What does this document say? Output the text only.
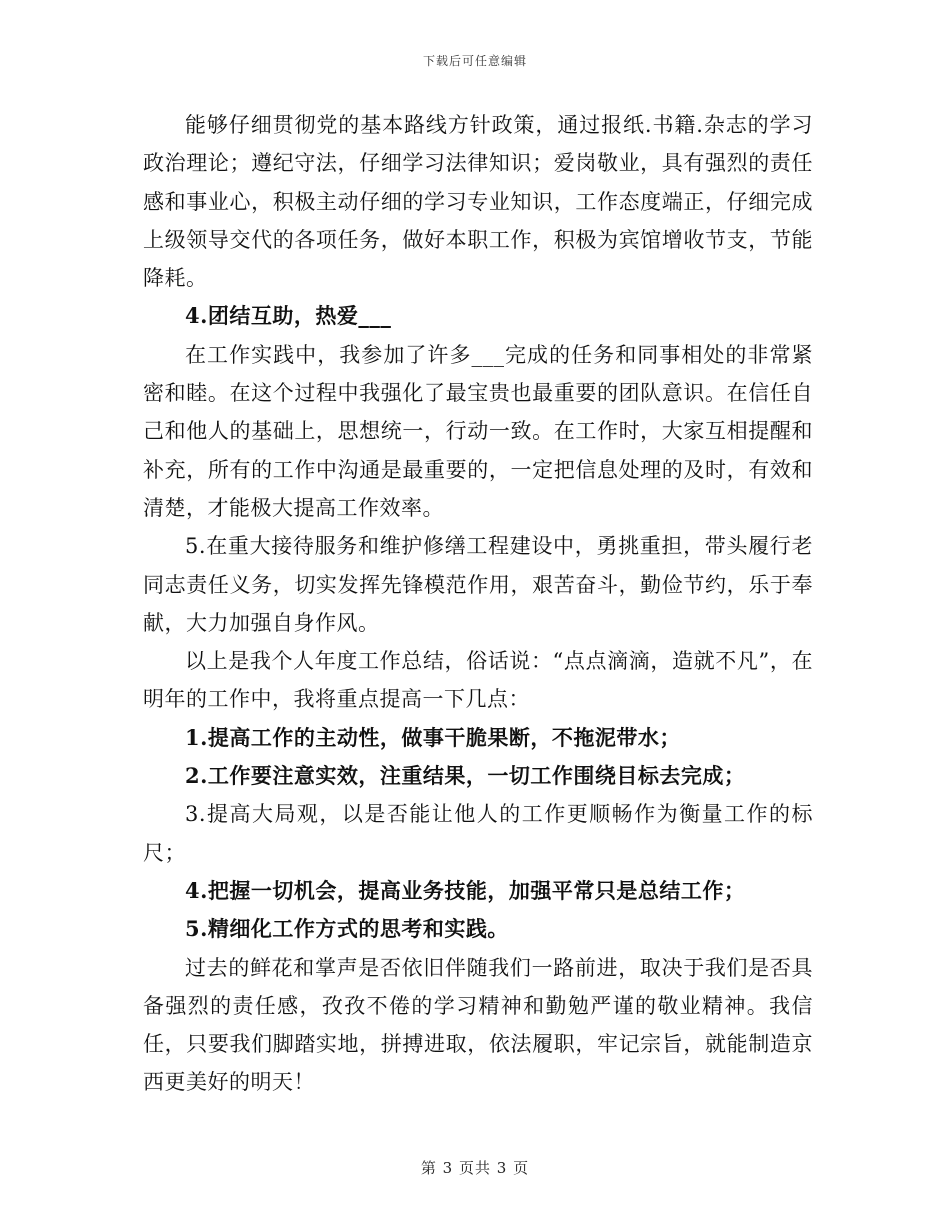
下载后可任意编辑

能够仔细贯彻党的基本路线方针政策，通过报纸.书籍.杂志的学习政治理论；遵纪守法，仔细学习法律知识；爱岗敬业，具有强烈的责任感和事业心，积极主动仔细的学习专业知识，工作态度端正，仔细完成上级领导交代的各项任务，做好本职工作，积极为宾馆增收节支，节能降耗。

4.团结互助，热爱___

在工作实践中，我参加了许多___完成的任务和同事相处的非常紧密和睦。在这个过程中我强化了最宝贵也最重要的团队意识。在信任自己和他人的基础上，思想统一，行动一致。在工作时，大家互相提醒和补充，所有的工作中沟通是最重要的，一定把信息处理的及时，有效和清楚，才能极大提高工作效率。

5.在重大接待服务和维护修缮工程建设中，勇挑重担，带头履行老同志责任义务，切实发挥先锋模范作用，艰苦奋斗，勤俭节约，乐于奉献，大力加强自身作风。

以上是我个人年度工作总结，俗话说：“点点滴滴，造就不凡”，在明年的工作中，我将重点提高一下几点：

1.提高工作的主动性，做事干脆果断，不拖泥带水；

2.工作要注意实效，注重结果，一切工作围绕目标去完成；

3.提高大局观，以是否能让他人的工作更顺畅作为衡量工作的标尺；

4.把握一切机会，提高业务技能，加强平常只是总结工作；

5.精细化工作方式的思考和实践。

过去的鲜花和掌声是否依旧伴随我们一路前进，取决于我们是否具备强烈的责任感，孜孜不倦的学习精神和勤勉严谨的敬业精神。我信任，只要我们脚踏实地，拼搏进取，依法履职，牢记宗旨，就能制造京西更美好的明天！

第 3 页共 3 页
